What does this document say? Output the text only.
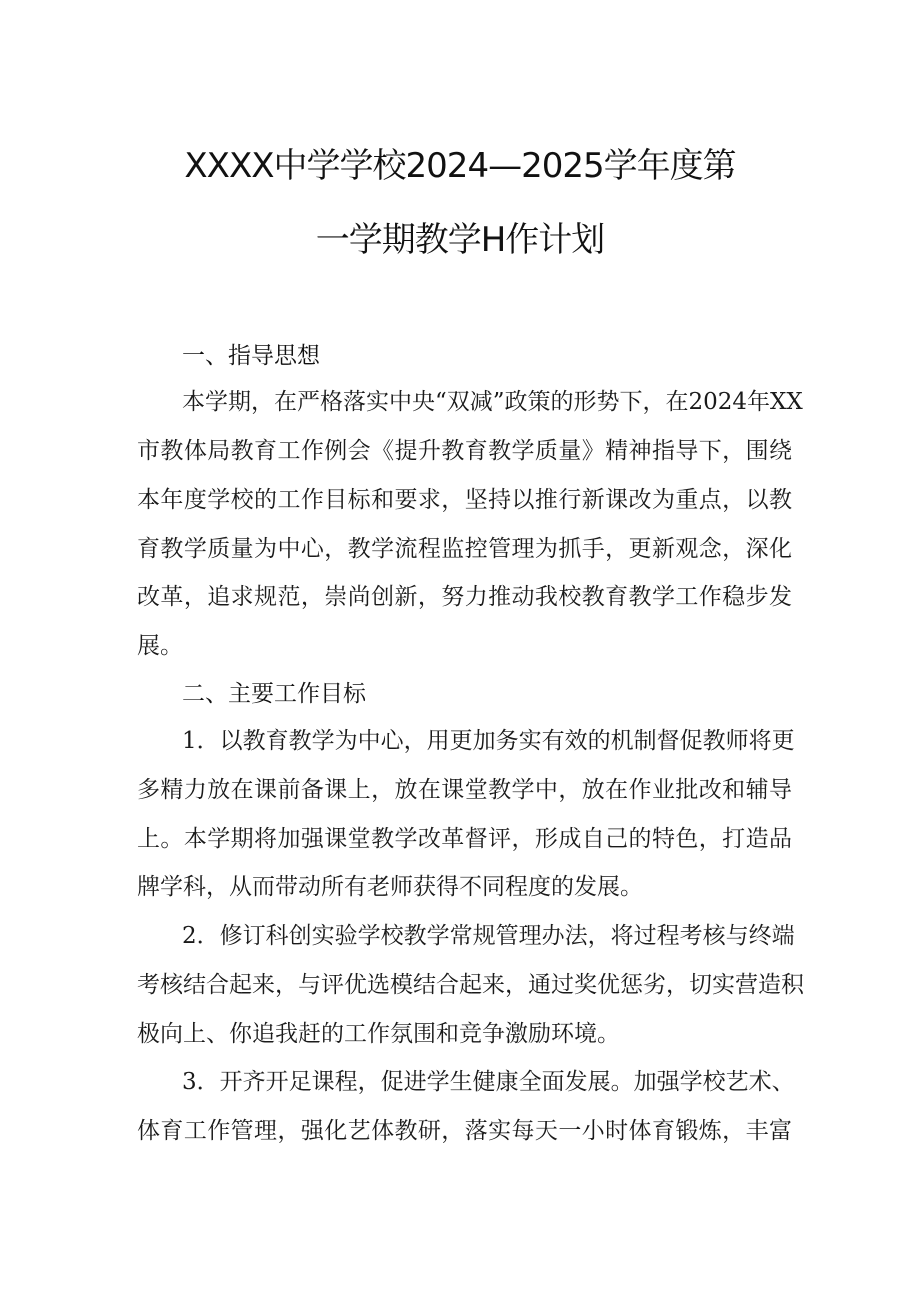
XXXX中学学校2024—2025学年度第
一学期教学H作计划
一、指导思想
本学期，在严格落实中央“双减”政策的形势下，在2024年XX
市教体局教育工作例会《提升教育教学质量》精神指导下，围绕
本年度学校的工作目标和要求，坚持以推行新课改为重点，以教
育教学质量为中心，教学流程监控管理为抓手，更新观念，深化
改革，追求规范，崇尚创新，努力推动我校教育教学工作稳步发
展。
二、主要工作目标
1．以教育教学为中心，用更加务实有效的机制督促教师将更
多精力放在课前备课上，放在课堂教学中，放在作业批改和辅导
上。本学期将加强课堂教学改革督评，形成自己的特色，打造品
牌学科，从而带动所有老师获得不同程度的发展。
2．修订科创实验学校教学常规管理办法，将过程考核与终端
考核结合起来，与评优选模结合起来，通过奖优惩劣，切实营造积
极向上、你追我赶的工作氛围和竞争激励环境。
3．开齐开足课程，促进学生健康全面发展。加强学校艺术、
体育工作管理，强化艺体教研，落实每天一小时体育锻炼，丰富
